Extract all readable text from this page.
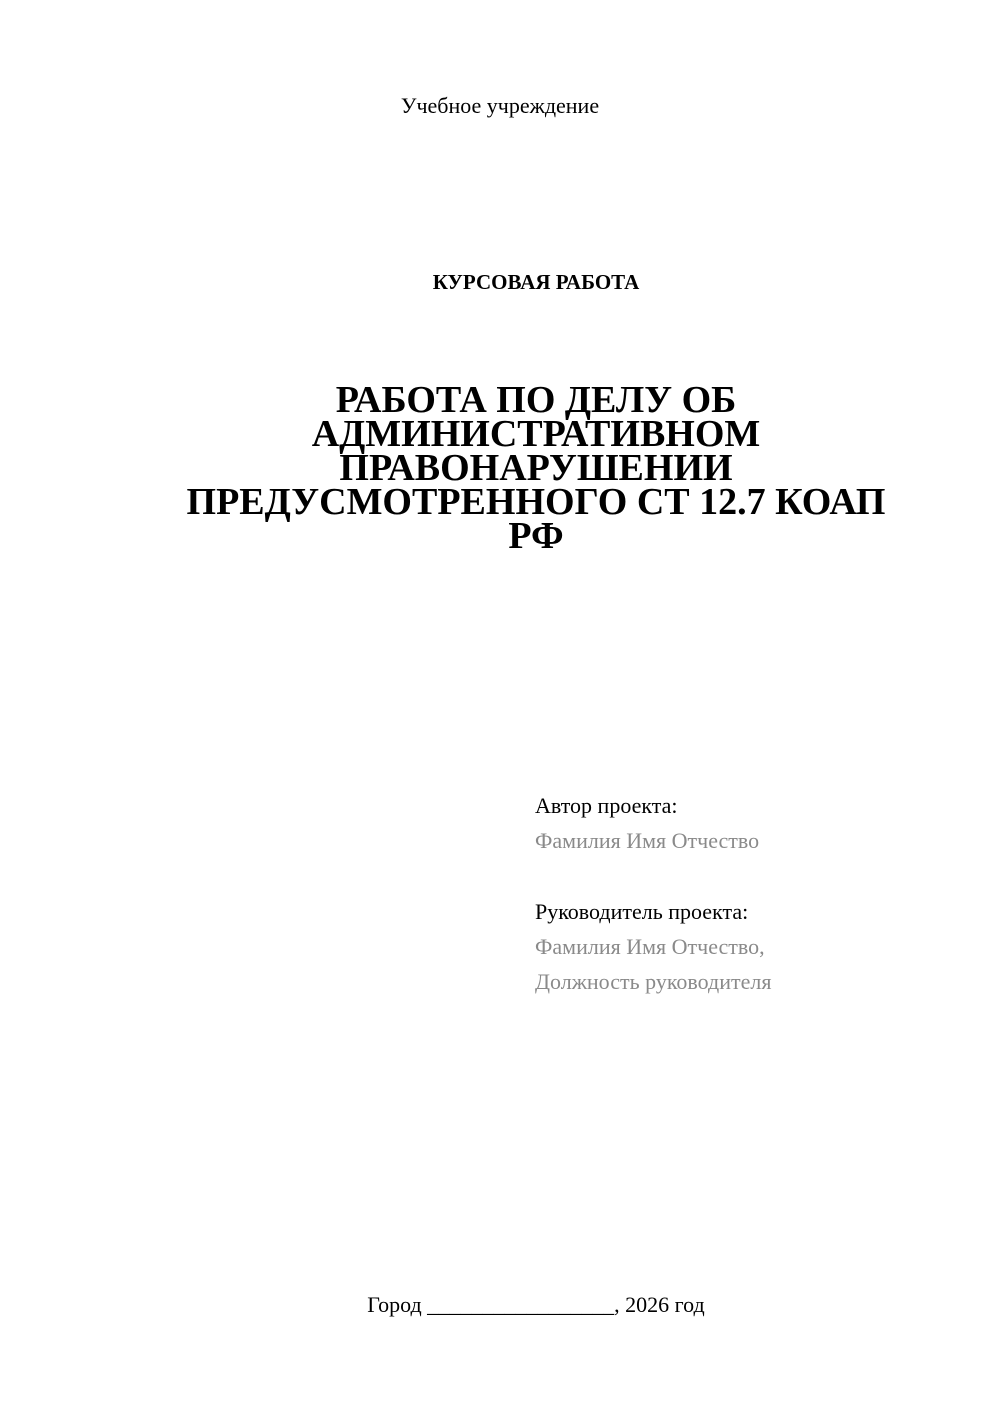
Учебное учреждение
КУРСОВАЯ РАБОТА
РАБОТА ПО ДЕЛУ ОБ АДМИНИСТРАТИВНОМ ПРАВОНАРУШЕНИИ ПРЕДУСМОТРЕННОГО СТ 12.7 КОАП РФ
Автор проекта:
Фамилия Имя Отчество
Руководитель проекта:
Фамилия Имя Отчество,
Должность руководителя
Город _________________, 2026 год
